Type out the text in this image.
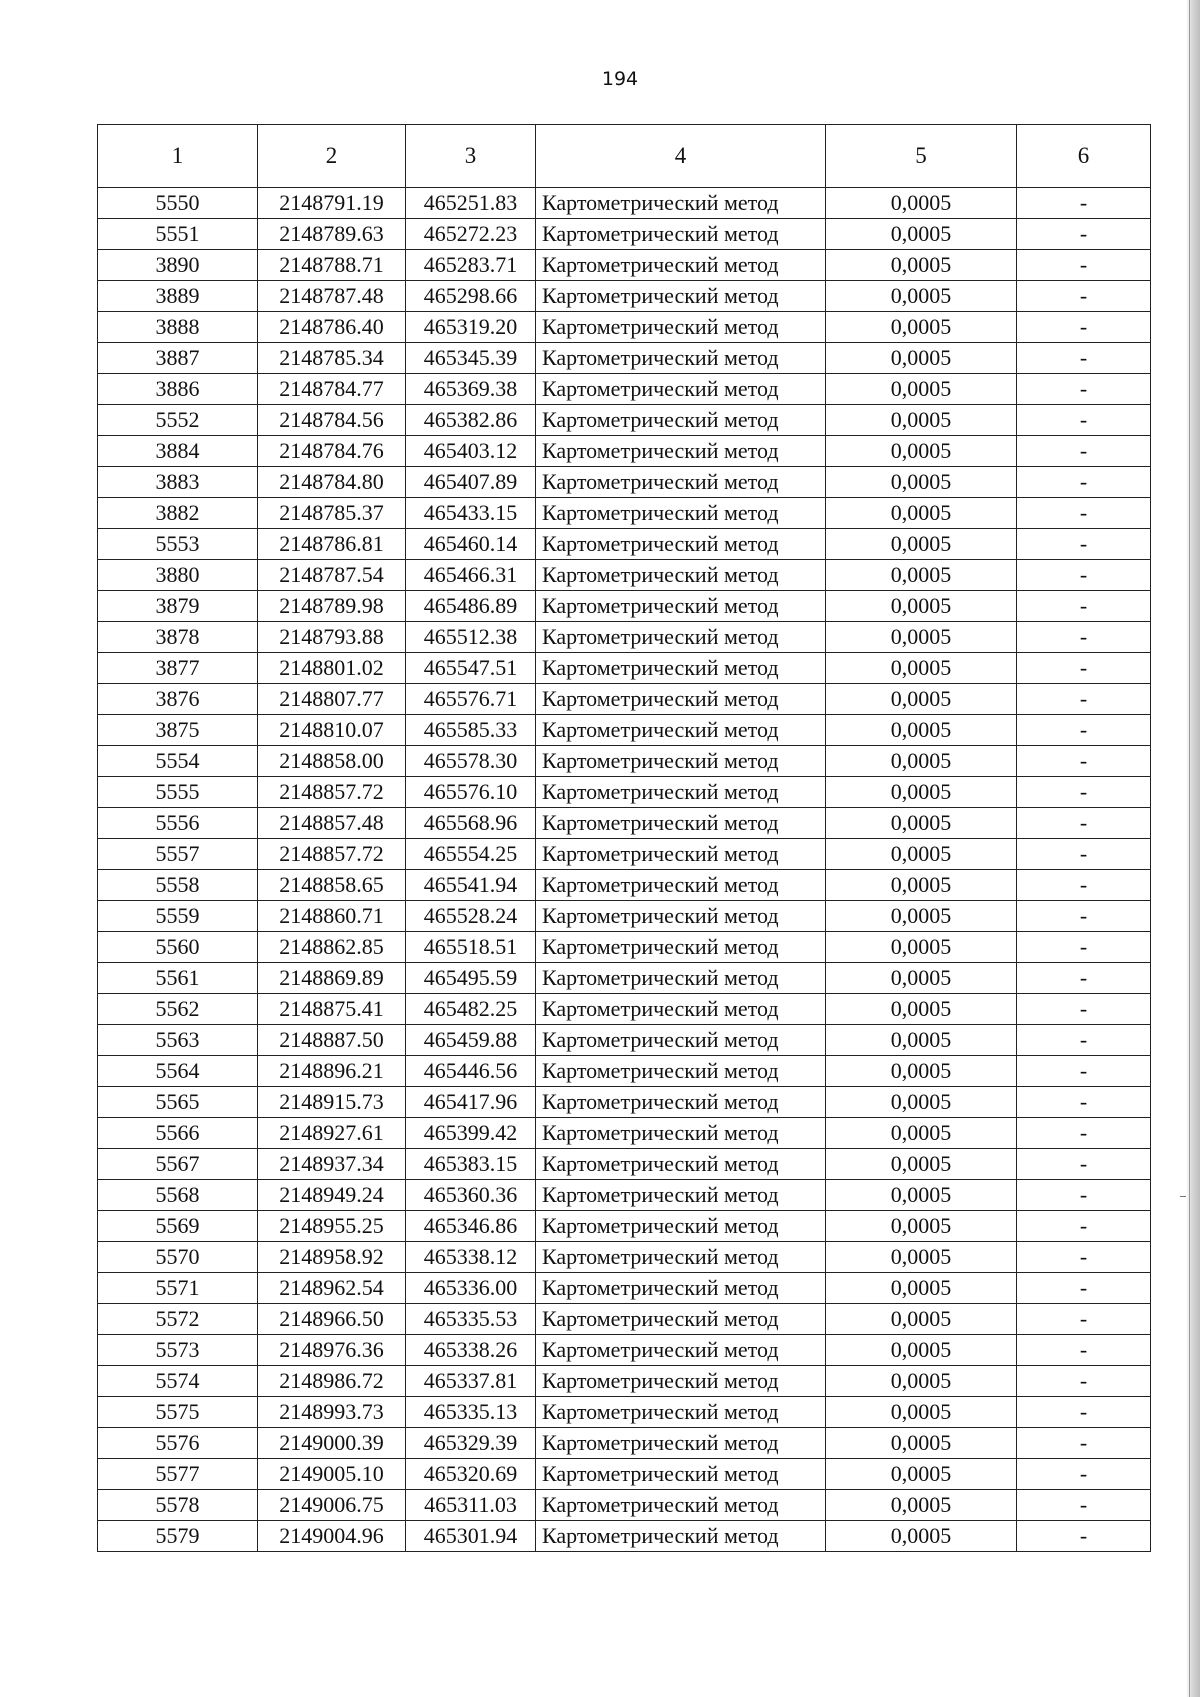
194
1	2	3	4	5	6
5550	2148791.19	465251.83	Картометрический метод	0,0005	-
5551	2148789.63	465272.23	Картометрический метод	0,0005	-
3890	2148788.71	465283.71	Картометрический метод	0,0005	-
3889	2148787.48	465298.66	Картометрический метод	0,0005	-
3888	2148786.40	465319.20	Картометрический метод	0,0005	-
3887	2148785.34	465345.39	Картометрический метод	0,0005	-
3886	2148784.77	465369.38	Картометрический метод	0,0005	-
5552	2148784.56	465382.86	Картометрический метод	0,0005	-
3884	2148784.76	465403.12	Картометрический метод	0,0005	-
3883	2148784.80	465407.89	Картометрический метод	0,0005	-
3882	2148785.37	465433.15	Картометрический метод	0,0005	-
5553	2148786.81	465460.14	Картометрический метод	0,0005	-
3880	2148787.54	465466.31	Картометрический метод	0,0005	-
3879	2148789.98	465486.89	Картометрический метод	0,0005	-
3878	2148793.88	465512.38	Картометрический метод	0,0005	-
3877	2148801.02	465547.51	Картометрический метод	0,0005	-
3876	2148807.77	465576.71	Картометрический метод	0,0005	-
3875	2148810.07	465585.33	Картометрический метод	0,0005	-
5554	2148858.00	465578.30	Картометрический метод	0,0005	-
5555	2148857.72	465576.10	Картометрический метод	0,0005	-
5556	2148857.48	465568.96	Картометрический метод	0,0005	-
5557	2148857.72	465554.25	Картометрический метод	0,0005	-
5558	2148858.65	465541.94	Картометрический метод	0,0005	-
5559	2148860.71	465528.24	Картометрический метод	0,0005	-
5560	2148862.85	465518.51	Картометрический метод	0,0005	-
5561	2148869.89	465495.59	Картометрический метод	0,0005	-
5562	2148875.41	465482.25	Картометрический метод	0,0005	-
5563	2148887.50	465459.88	Картометрический метод	0,0005	-
5564	2148896.21	465446.56	Картометрический метод	0,0005	-
5565	2148915.73	465417.96	Картометрический метод	0,0005	-
5566	2148927.61	465399.42	Картометрический метод	0,0005	-
5567	2148937.34	465383.15	Картометрический метод	0,0005	-
5568	2148949.24	465360.36	Картометрический метод	0,0005	-
5569	2148955.25	465346.86	Картометрический метод	0,0005	-
5570	2148958.92	465338.12	Картометрический метод	0,0005	-
5571	2148962.54	465336.00	Картометрический метод	0,0005	-
5572	2148966.50	465335.53	Картометрический метод	0,0005	-
5573	2148976.36	465338.26	Картометрический метод	0,0005	-
5574	2148986.72	465337.81	Картометрический метод	0,0005	-
5575	2148993.73	465335.13	Картометрический метод	0,0005	-
5576	2149000.39	465329.39	Картометрический метод	0,0005	-
5577	2149005.10	465320.69	Картометрический метод	0,0005	-
5578	2149006.75	465311.03	Картометрический метод	0,0005	-
5579	2149004.96	465301.94	Картометрический метод	0,0005	-
